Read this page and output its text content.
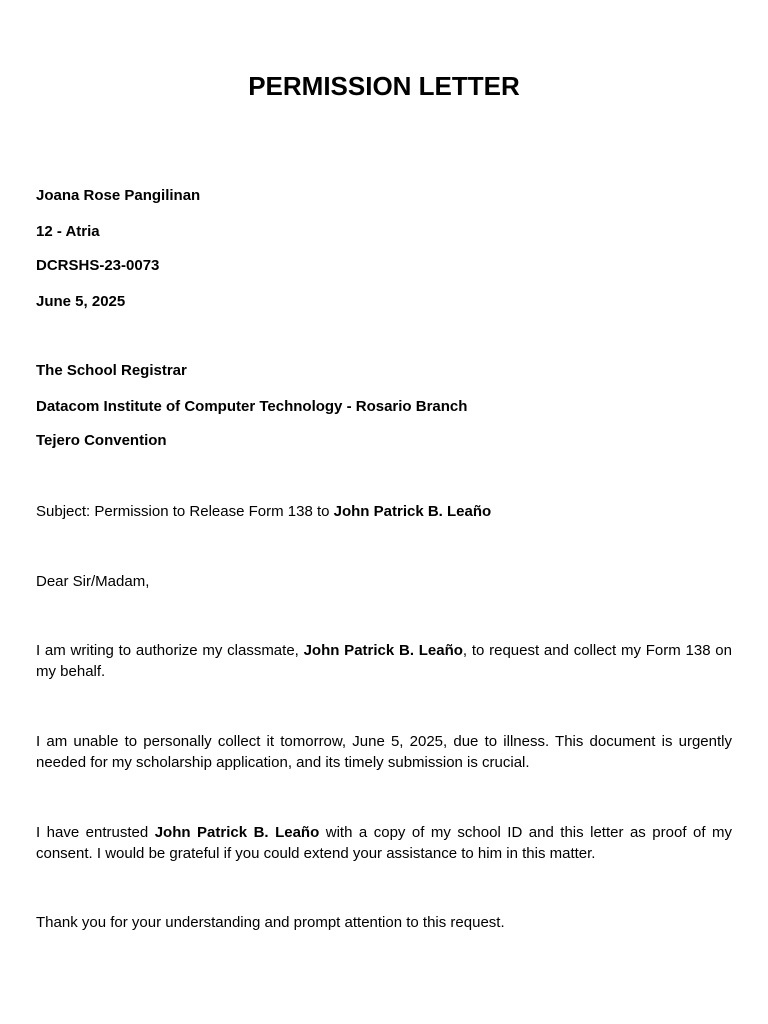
PERMISSION LETTER

Joana Rose Pangilinan

12 - Atria

DCRSHS-23-0073

June 5, 2025

The School Registrar

Datacom Institute of Computer Technology - Rosario Branch

Tejero Convention

Subject: Permission to Release Form 138 to John Patrick B. Leaño

Dear Sir/Madam,

I am writing to authorize my classmate, John Patrick B. Leaño, to request and collect my Form 138 on my behalf.

I am unable to personally collect it tomorrow, June 5, 2025, due to illness. This document is urgently needed for my scholarship application, and its timely submission is crucial.

I have entrusted John Patrick B. Leaño with a copy of my school ID and this letter as proof of my consent. I would be grateful if you could extend your assistance to him in this matter.

Thank you for your understanding and prompt attention to this request.
